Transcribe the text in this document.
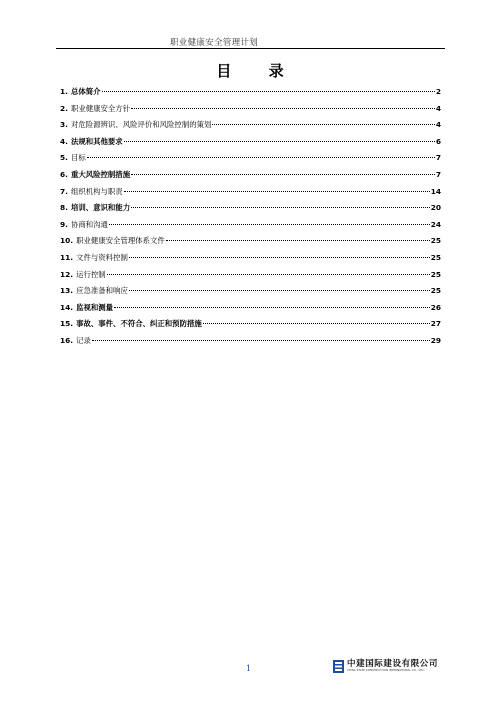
职业健康安全管理计划
目 录
1. 总体简介	2
2. 职业健康安全方针	4
3. 对危险源辨识、风险评价和风险控制的策划	4
4. 法规和其他要求	6
5. 目标	7
6. 重大风险控制措施	7
7. 组织机构与职责	14
8. 培训、意识和能力	20
9. 协商和沟通	24
10. 职业健康安全管理体系文件	25
11. 文件与资料控制	25
12. 运行控制	25
13. 应急准备和响应	25
14. 监视和测量	26
15. 事故、事件、不符合、纠正和预防措施	27
16. 记录	29
1	中建国际建设有限公司
CHINA STATE CONSTRUCTION INTERNATIONAL CO., LTD.
